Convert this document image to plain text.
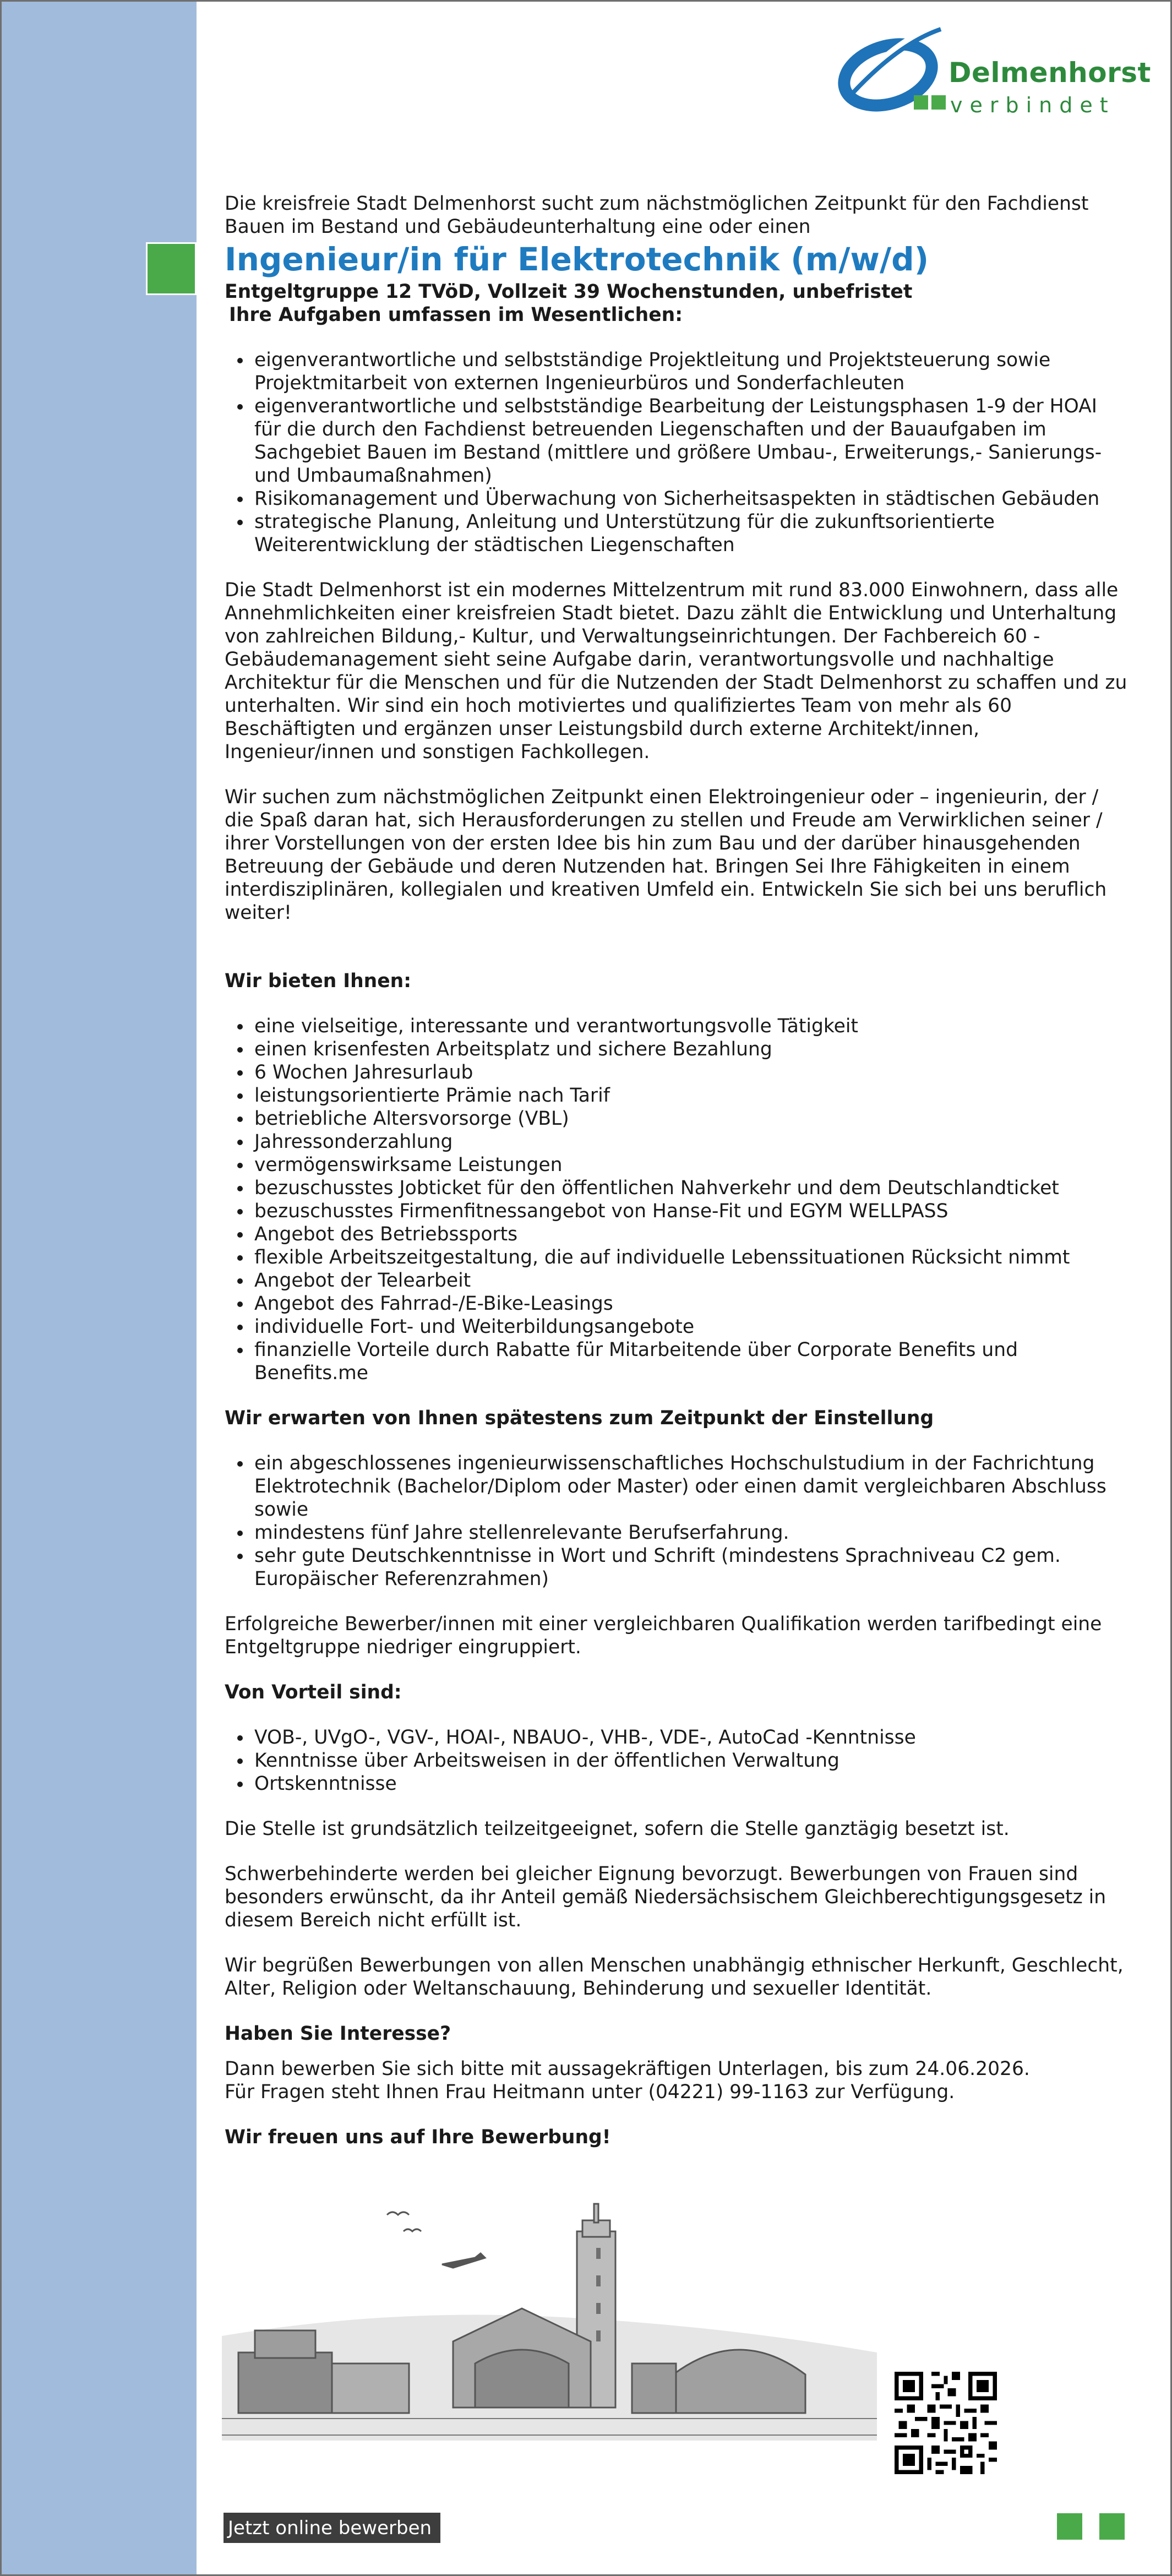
Delmenhorst
verbindet

Die kreisfreie Stadt Delmenhorst sucht zum nächstmöglichen Zeitpunkt für den Fachdienst Bauen im Bestand und Gebäudeunterhaltung eine oder einen

Ingenieur/in für Elektrotechnik (m/w/d)

Entgeltgruppe 12 TVöD, Vollzeit 39 Wochenstunden, unbefristet

Ihre Aufgaben umfassen im Wesentlichen:

• eigenverantwortliche und selbstständige Projektleitung und Projektsteuerung sowie Projektmitarbeit von externen Ingenieurbüros und Sonderfachleuten
• eigenverantwortliche und selbstständige Bearbeitung der Leistungsphasen 1-9 der HOAI für die durch den Fachdienst betreuenden Liegenschaften und der Bauaufgaben im Sachgebiet Bauen im Bestand (mittlere und größere Umbau-, Erweiterungs,- Sanierungs- und Umbaumaßnahmen)
• Risikomanagement und Überwachung von Sicherheitsaspekten in städtischen Gebäuden
• strategische Planung, Anleitung und Unterstützung für die zukunftsorientierte Weiterentwicklung der städtischen Liegenschaften

Die Stadt Delmenhorst ist ein modernes Mittelzentrum mit rund 83.000 Einwohnern, dass alle Annehmlichkeiten einer kreisfreien Stadt bietet. Dazu zählt die Entwicklung und Unterhaltung von zahlreichen Bildung,- Kultur, und Verwaltungseinrichtungen. Der Fachbereich 60 - Gebäudemanagement sieht seine Aufgabe darin, verantwortungsvolle und nachhaltige Architektur für die Menschen und für die Nutzenden der Stadt Delmenhorst zu schaffen und zu unterhalten. Wir sind ein hoch motiviertes und qualifiziertes Team von mehr als 60 Beschäftigten und ergänzen unser Leistungsbild durch externe Architekt/innen, Ingenieur/innen und sonstigen Fachkollegen.

Wir suchen zum nächstmöglichen Zeitpunkt einen Elektroingenieur oder – ingenieurin, der / die Spaß daran hat, sich Herausforderungen zu stellen und Freude am Verwirklichen seiner / ihrer Vorstellungen von der ersten Idee bis hin zum Bau und der darüber hinausgehenden Betreuung der Gebäude und deren Nutzenden hat. Bringen Sei Ihre Fähigkeiten in einem interdisziplinären, kollegialen und kreativen Umfeld ein. Entwickeln Sie sich bei uns beruflich weiter!

Wir bieten Ihnen:

• eine vielseitige, interessante und verantwortungsvolle Tätigkeit
• einen krisenfesten Arbeitsplatz und sichere Bezahlung
• 6 Wochen Jahresurlaub
• leistungsorientierte Prämie nach Tarif
• betriebliche Altersvorsorge (VBL)
• Jahressonderzahlung
• vermögenswirksame Leistungen
• bezuschusstes Jobticket für den öffentlichen Nahverkehr und dem Deutschlandticket
• bezuschusstes Firmenfitnessangebot von Hanse-Fit und EGYM WELLPASS
• Angebot des Betriebssports
• flexible Arbeitszeitgestaltung, die auf individuelle Lebenssituationen Rücksicht nimmt
• Angebot der Telearbeit
• Angebot des Fahrrad-/E-Bike-Leasings
• individuelle Fort- und Weiterbildungsangebote
• finanzielle Vorteile durch Rabatte für Mitarbeitende über Corporate Benefits und Benefits.me

Wir erwarten von Ihnen spätestens zum Zeitpunkt der Einstellung

• ein abgeschlossenes ingenieurwissenschaftliches Hochschulstudium in der Fachrichtung Elektrotechnik (Bachelor/Diplom oder Master) oder einen damit vergleichbaren Abschluss sowie
• mindestens fünf Jahre stellenrelevante Berufserfahrung.
• sehr gute Deutschkenntnisse in Wort und Schrift (mindestens Sprachniveau C2 gem. Europäischer Referenzrahmen)

Erfolgreiche Bewerber/innen mit einer vergleichbaren Qualifikation werden tarifbedingt eine Entgeltgruppe niedriger eingruppiert.

Von Vorteil sind:

• VOB-, UVgO-, VGV-, HOAI-, NBAUO-, VHB-, VDE-, AutoCad -Kenntnisse
• Kenntnisse über Arbeitsweisen in der öffentlichen Verwaltung
• Ortskenntnisse

Die Stelle ist grundsätzlich teilzeitgeeignet, sofern die Stelle ganztägig besetzt ist.

Schwerbehinderte werden bei gleicher Eignung bevorzugt. Bewerbungen von Frauen sind besonders erwünscht, da ihr Anteil gemäß Niedersächsischem Gleichberechtigungsgesetz in diesem Bereich nicht erfüllt ist.

Wir begrüßen Bewerbungen von allen Menschen unabhängig ethnischer Herkunft, Geschlecht, Alter, Religion oder Weltanschauung, Behinderung und sexueller Identität.

Haben Sie Interesse?

Dann bewerben Sie sich bitte mit aussagekräftigen Unterlagen, bis zum 24.06.2026.

Für Fragen steht Ihnen Frau Heitmann unter (04221) 99-1163 zur Verfügung.

Wir freuen uns auf Ihre Bewerbung!

Jetzt online bewerben
